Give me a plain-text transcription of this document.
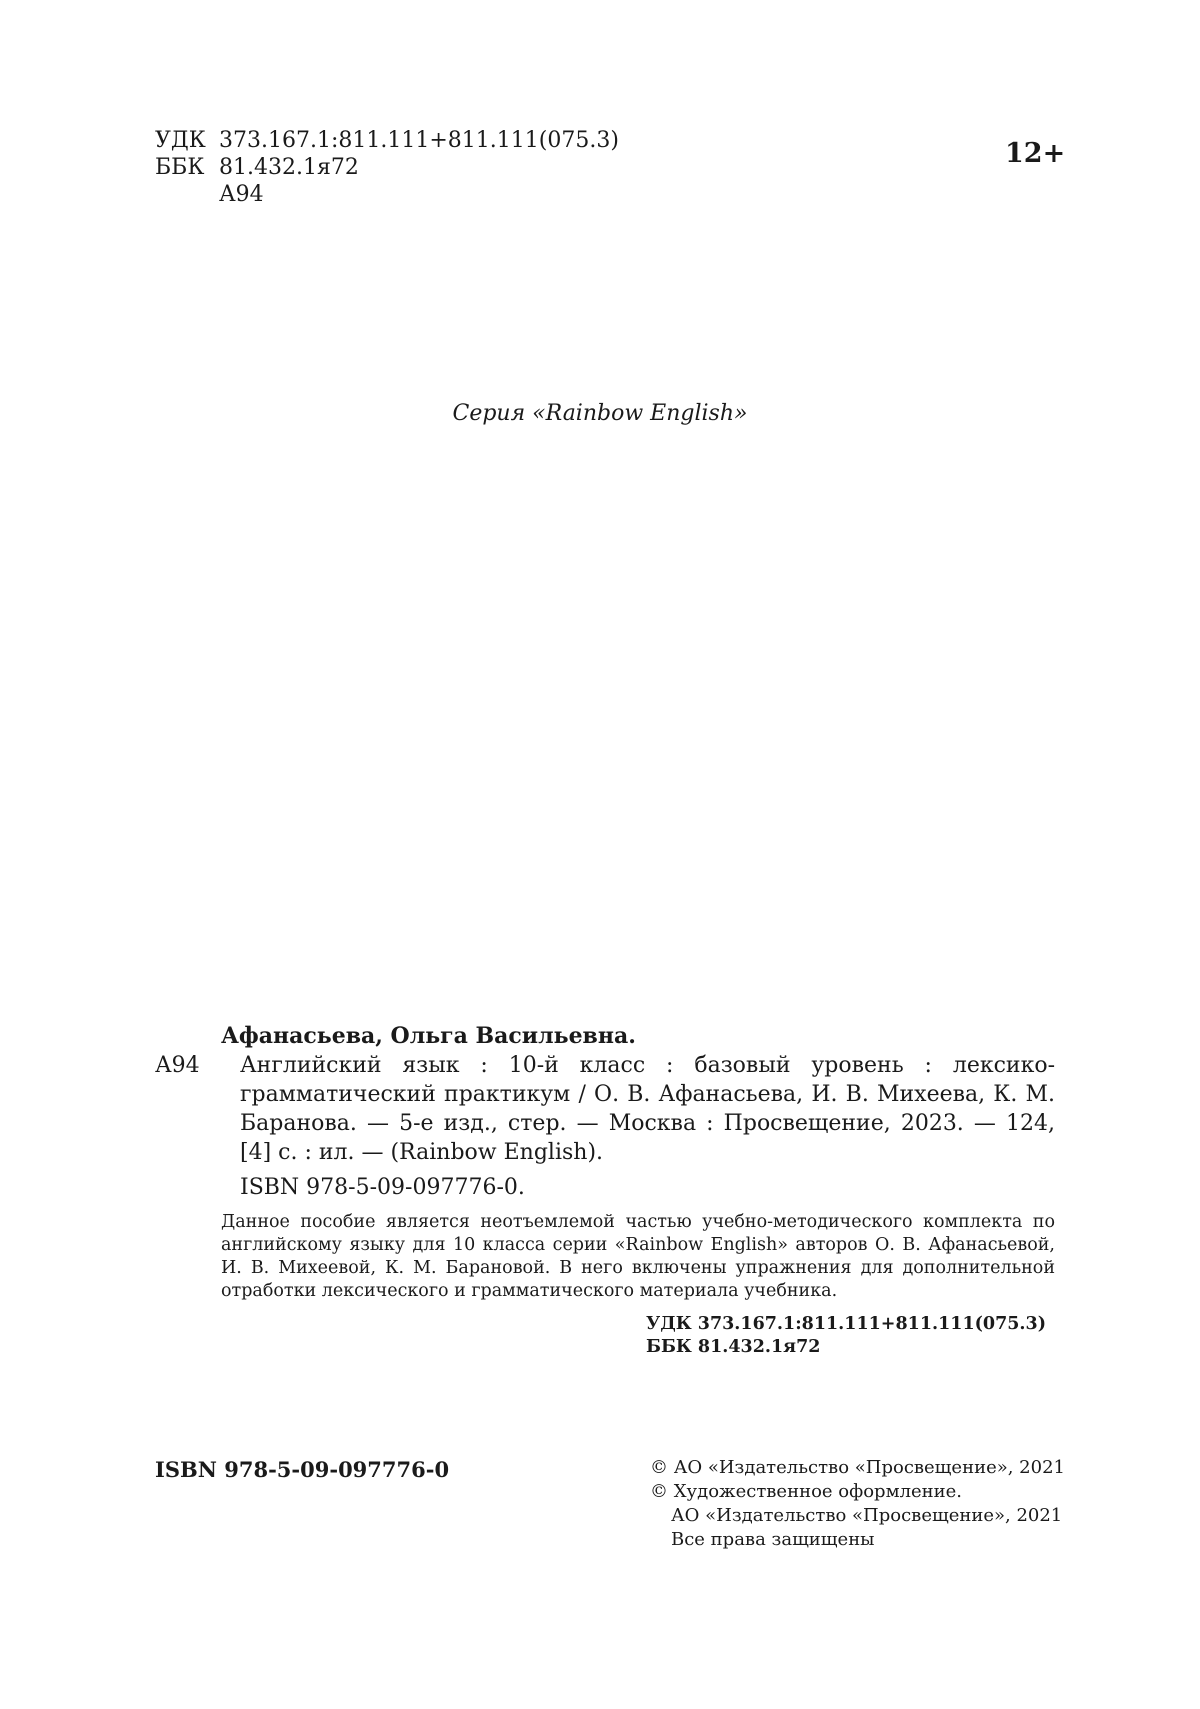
УДК 373.167.1:811.111+811.111(075.3)
ББК 81.432.1я72
А94
12+
Серия «Rainbow English»
Афанасьева, Ольга Васильевна.
А94 Английский язык : 10-й класс : базовый уровень : лексико-грамматический практикум / О. В. Афанасьева, И. В. Михеева, К. М. Баранова. — 5-е изд., стер. — Москва : Просвещение, 2023. — 124, [4] с. : ил. — (Rainbow English).
ISBN 978-5-09-097776-0.

Данное пособие является неотъемлемой частью учебно-методического комплекта по английскому языку для 10 класса серии «Rainbow English» авторов О. В. Афанасьевой, И. В. Михеевой, К. М. Барановой. В него включены упражнения для дополнительной отработки лексического и грамматического материала учебника.

УДК 373.167.1:811.111+811.111(075.3)
ББК 81.432.1я72
ISBN 978-5-09-097776-0	© АО «Издательство «Просвещение», 2021
© Художественное оформление.
АО «Издательство «Просвещение», 2021
Все права защищены
